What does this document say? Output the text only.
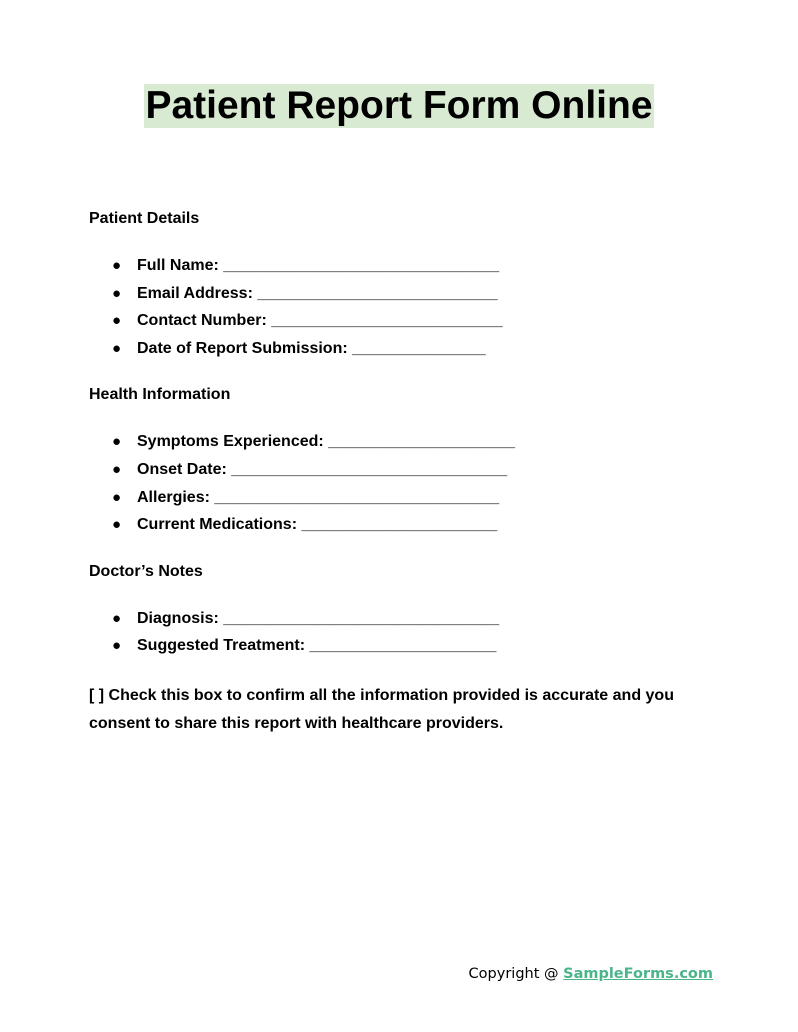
Patient Report Form Online

Patient Details

● Full Name: _______________________________
● Email Address: ___________________________
● Contact Number: __________________________
● Date of Report Submission: _______________

Health Information

● Symptoms Experienced: _____________________
● Onset Date: _______________________________
● Allergies: ________________________________
● Current Medications: ______________________

Doctor’s Notes

● Diagnosis: _______________________________
● Suggested Treatment: _____________________

[ ] Check this box to confirm all the information provided is accurate and you consent to share this report with healthcare providers.

Copyright @ SampleForms.com
